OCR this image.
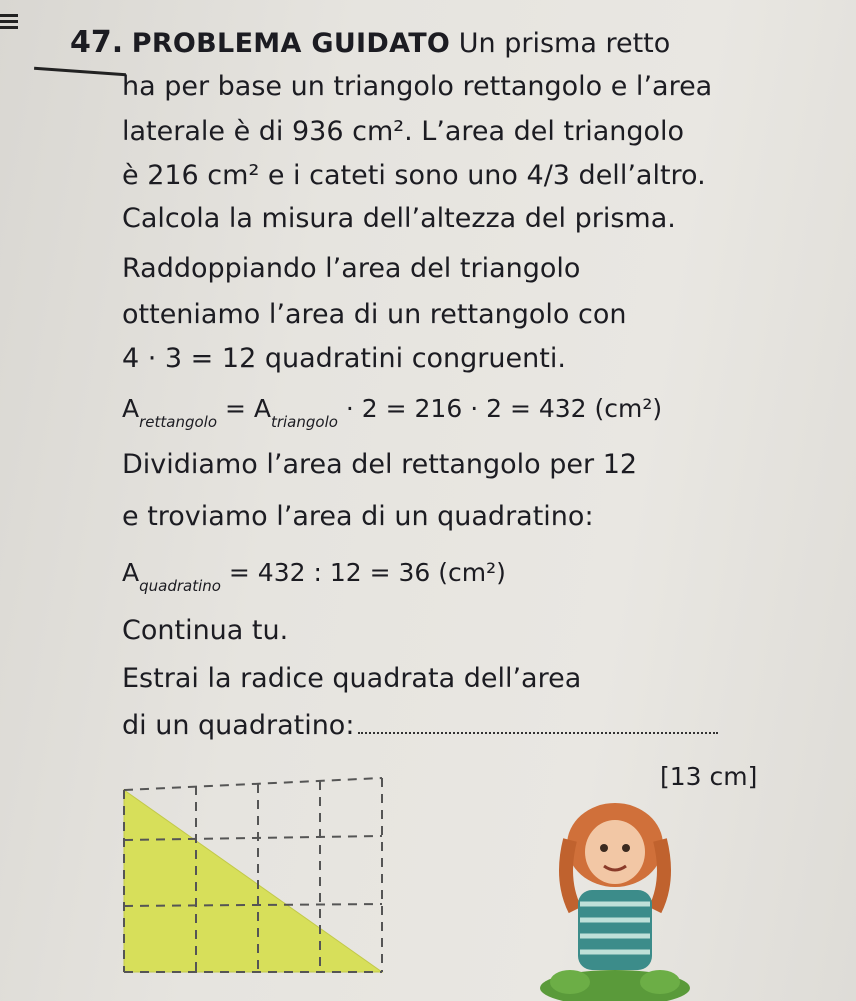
47. PROBLEMA GUIDATO Un prisma retto
ha per base un triangolo rettangolo e l’area
laterale è di 936 cm². L’area del triangolo
è 216 cm² e i cateti sono uno 4/3 dell’altro.
Calcola la misura dell’altezza del prisma.
Raddoppiando l’area del triangolo
otteniamo l’area di un rettangolo con
4 · 3 = 12 quadratini congruenti.
$A_{rettangolo} = A_{triangolo} \cdot 2 = 216 \cdot 2 = 432$ (cm²)
Dividiamo l’area del rettangolo per 12
e troviamo l’area di un quadratino:
$A_{quadratino} = 432$ : 12 = 36 (cm²)
Continua tu.
Estrai la radice quadrata dell’area
di un quadratino:
[13 cm]
